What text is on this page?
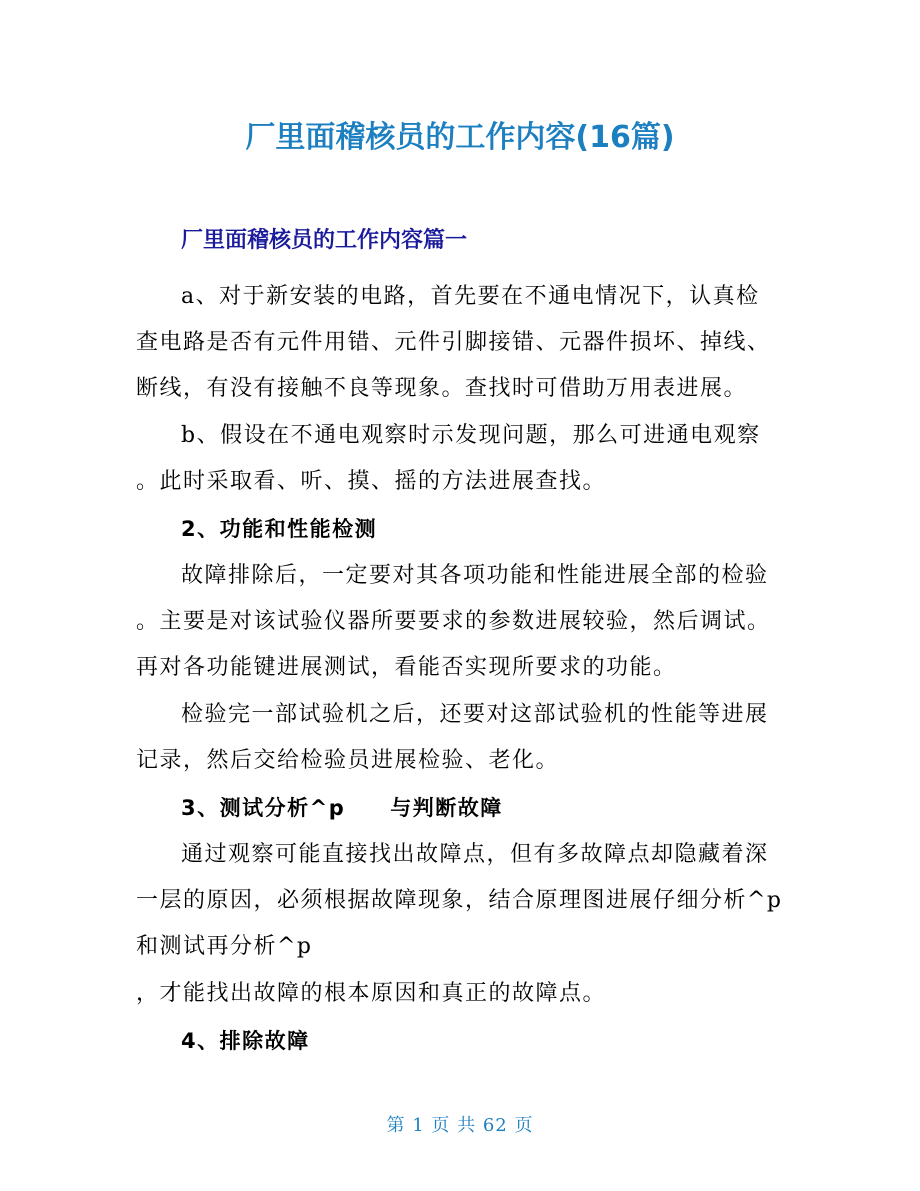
厂里面稽核员的工作内容(16篇)
厂里面稽核员的工作内容篇一
a、对于新安装的电路，首先要在不通电情况下，认真检
查电路是否有元件用错、元件引脚接错、元器件损坏、掉线、
断线，有没有接触不良等现象。查找时可借助万用表进展。
b、假设在不通电观察时示发现问题，那么可进通电观察
。此时采取看、听、摸、摇的方法进展查找。
2、功能和性能检测
故障排除后，一定要对其各项功能和性能进展全部的检验
。主要是对该试验仪器所要要求的参数进展较验，然后调试。
再对各功能键进展测试，看能否实现所要求的功能。
检验完一部试验机之后，还要对这部试验机的性能等进展
记录，然后交给检验员进展检验、老化。
3、测试分析^p　　与判断故障
通过观察可能直接找出故障点，但有多故障点却隐藏着深
一层的原因，必须根据故障现象，结合原理图进展仔细分析^p
和测试再分析^p
，才能找出故障的根本原因和真正的故障点。
4、排除故障
第 1 页 共 62 页
